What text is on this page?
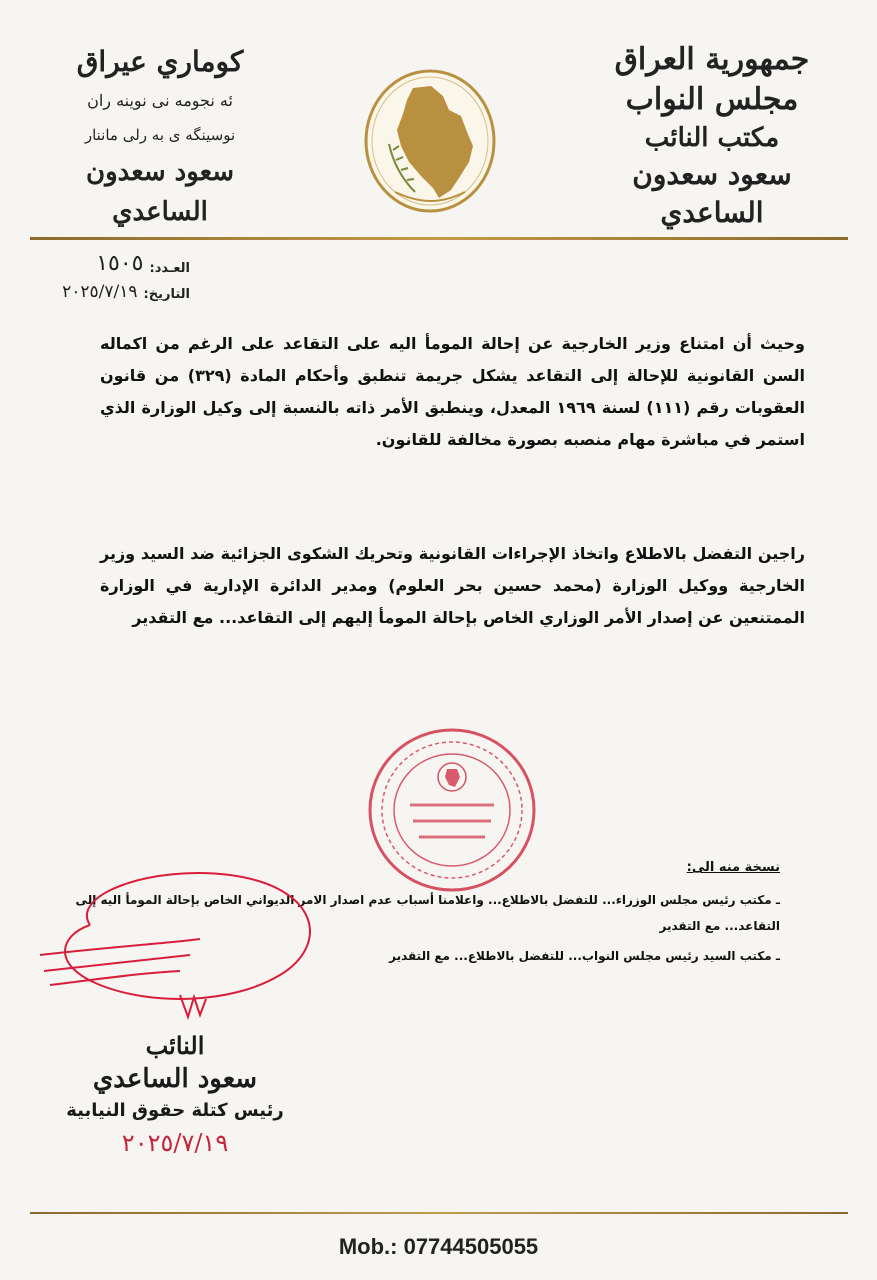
جمهورية العراق
مجلس النواب
مكتب النائب
سعود سعدون الساعدي
كوماري عيراق
ئه نجومه نى نوينه ران
نوسينگه ى به رلى ماننار
سعود سعدون الساعدي
العـدد:
١٥٠٥
التاريخ:
٢٠٢٥/٧/١٩
وحيث أن امتناع وزير الخارجية عن إحالة المومأ اليه على التقاعد على الرغم من اكماله السن القانونية للإحالة إلى التقاعد يشكل جريمة تنطبق وأحكام المادة (٣٢٩) من قانون العقوبات رقم (١١١) لسنة ١٩٦٩ المعدل، وينطبق الأمر ذاته بالنسبة إلى وكيل الوزارة الذي استمر في مباشرة مهام منصبه بصورة مخالفة للقانون.
راجين التفضل بالاطلاع واتخاذ الإجراءات القانونية وتحريك الشكوى الجزائية ضد السيد وزير الخارجية ووكيل الوزارة (محمد حسين بحر العلوم) ومدير الدائرة الإدارية في الوزارة الممتنعين عن إصدار الأمر الوزاري الخاص بإحالة المومأ إليهم إلى التقاعد... مع التقدير
نسخة منه الى:
ـ مكتب رئيس مجلس الوزراء... للتفضل بالاطلاع... واعلامنا أسباب عدم اصدار الامر الديواني الخاص بإحالة المومأ اليه إلى التقاعد... مع التقدير
ـ مكتب السيد رئيس مجلس النواب... للتفضل بالاطلاع... مع التقدير
النائب
سعود الساعدي
رئيس كتلة حقوق النيابية
٢٠٢٥/٧/١٩
Mob.: 07744505055
